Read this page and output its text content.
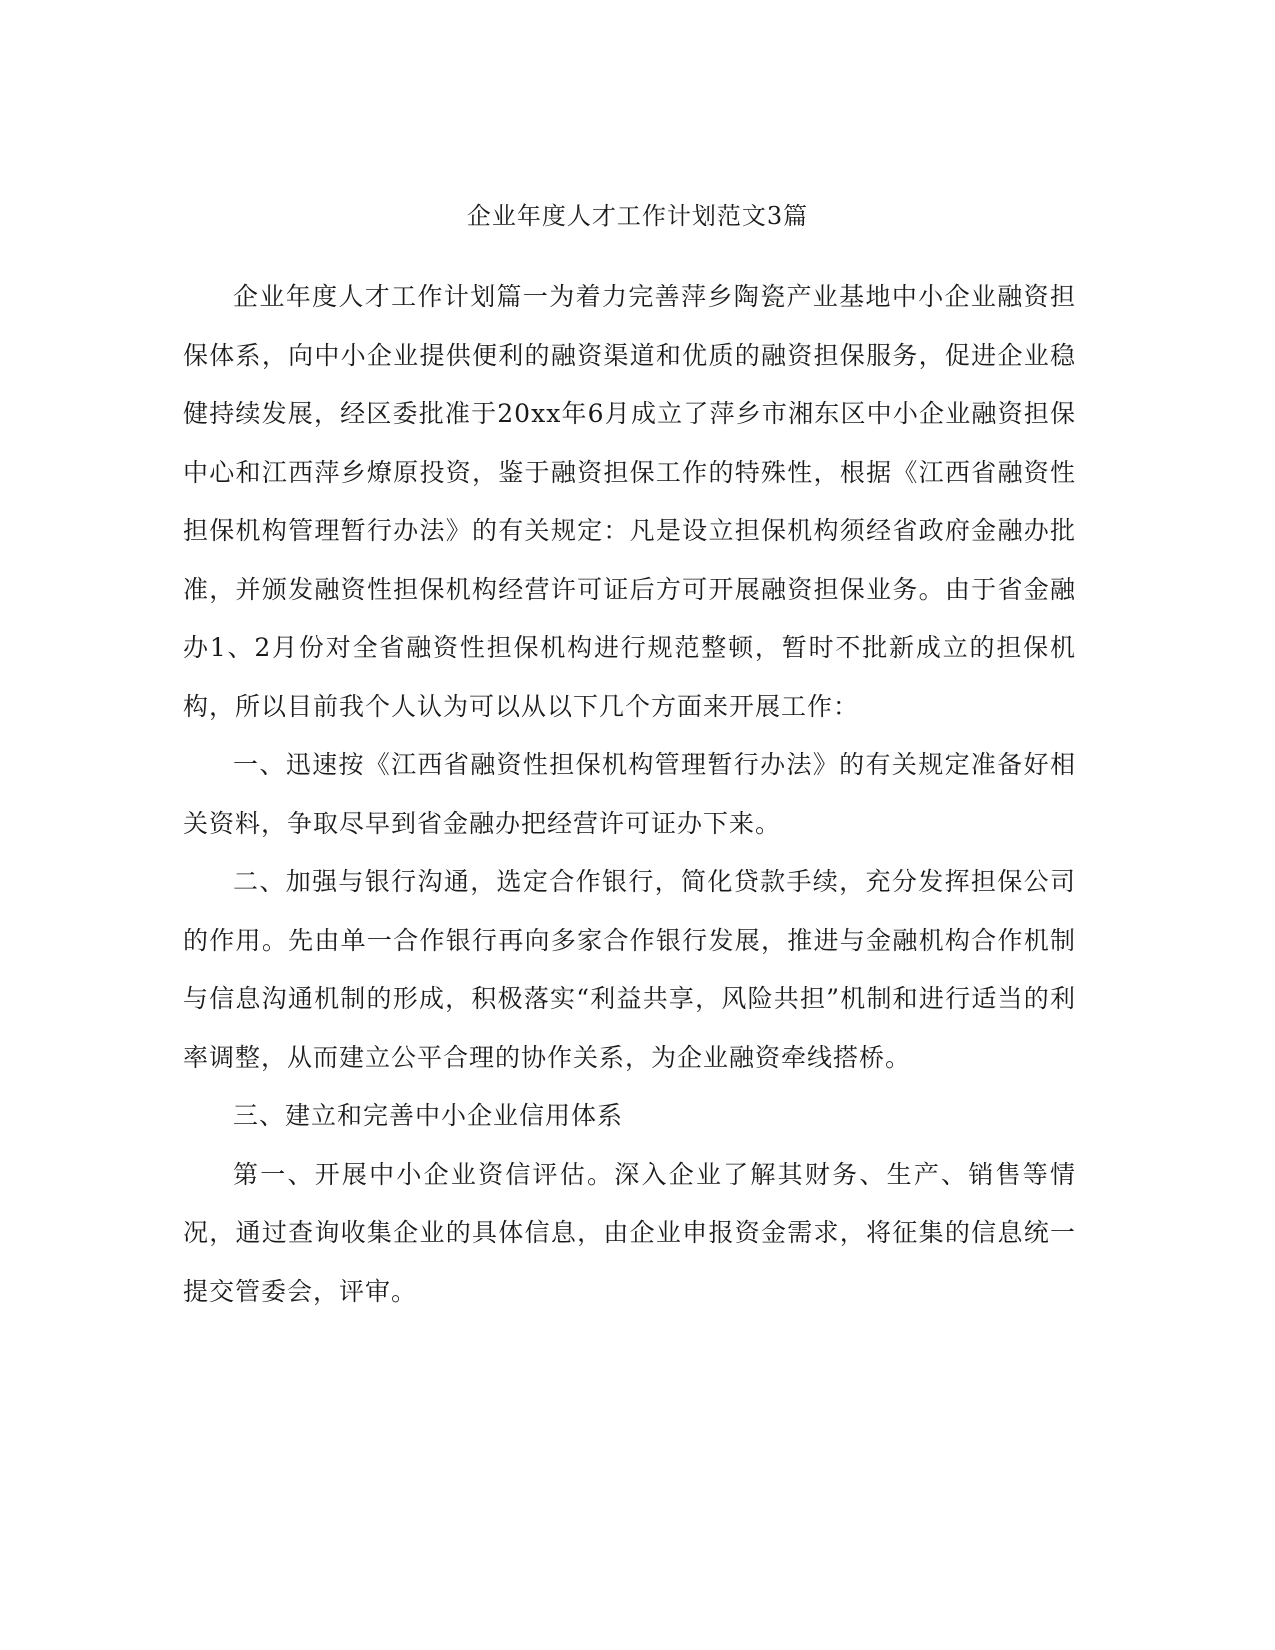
企业年度人才工作计划范文3篇

企业年度人才工作计划篇一为着力完善萍乡陶瓷产业基地中小企业融资担保体系，向中小企业提供便利的融资渠道和优质的融资担保服务，促进企业稳健持续发展，经区委批准于20xx年6月成立了萍乡市湘东区中小企业融资担保中心和江西萍乡燎原投资，鉴于融资担保工作的特殊性，根据《江西省融资性担保机构管理暂行办法》的有关规定：凡是设立担保机构须经省政府金融办批准，并颁发融资性担保机构经营许可证后方可开展融资担保业务。由于省金融办1、2月份对全省融资性担保机构进行规范整顿，暂时不批新成立的担保机构，所以目前我个人认为可以从以下几个方面来开展工作：

一、迅速按《江西省融资性担保机构管理暂行办法》的有关规定准备好相关资料，争取尽早到省金融办把经营许可证办下来。

二、加强与银行沟通，选定合作银行，简化贷款手续，充分发挥担保公司的作用。先由单一合作银行再向多家合作银行发展，推进与金融机构合作机制与信息沟通机制的形成，积极落实“利益共享，风险共担”机制和进行适当的利率调整，从而建立公平合理的协作关系，为企业融资牵线搭桥。

三、建立和完善中小企业信用体系

第一、开展中小企业资信评估。深入企业了解其财务、生产、销售等情况，通过查询收集企业的具体信息，由企业申报资金需求，将征集的信息统一提交管委会，评审。
